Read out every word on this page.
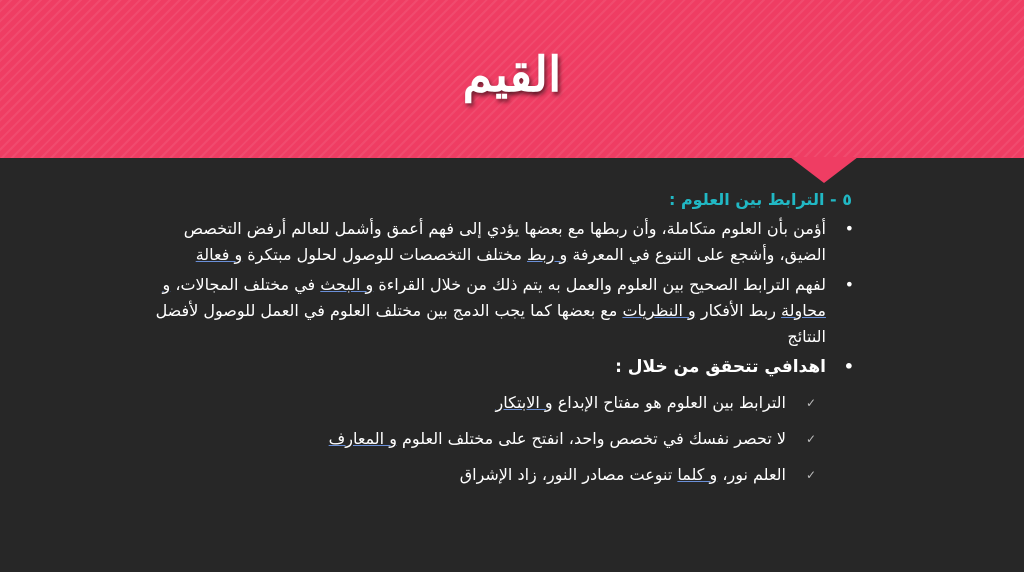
القيم
٥ - الترابط بين العلوم :
•
أؤمن بأن العلوم متكاملة، وأن ربطها مع بعضها يؤدي إلى فهم أعمق وأشمل للعالم أرفض التخصص الضيق، وأشجع على التنوع في المعرفة و ربط مختلف التخصصات للوصول لحلول مبتكرة و فعالة
•
لفهم الترابط الصحيح بين العلوم والعمل به يتم ذلك من خلال القراءة و البحث في مختلف المجالات، و محاولة ربط الأفكار و النظريات مع بعضها كما يجب الدمج بين مختلف العلوم في العمل للوصول لأفضل النتائج
•
اهدافي تتحقق من خلال :
✓
الترابط بين العلوم هو مفتاح الإبداع و الابتكار
✓
لا تحصر نفسك في تخصص واحد، انفتح على مختلف العلوم و المعارف
✓
العلم نور، و كلما تنوعت مصادر النور، زاد الإشراق
